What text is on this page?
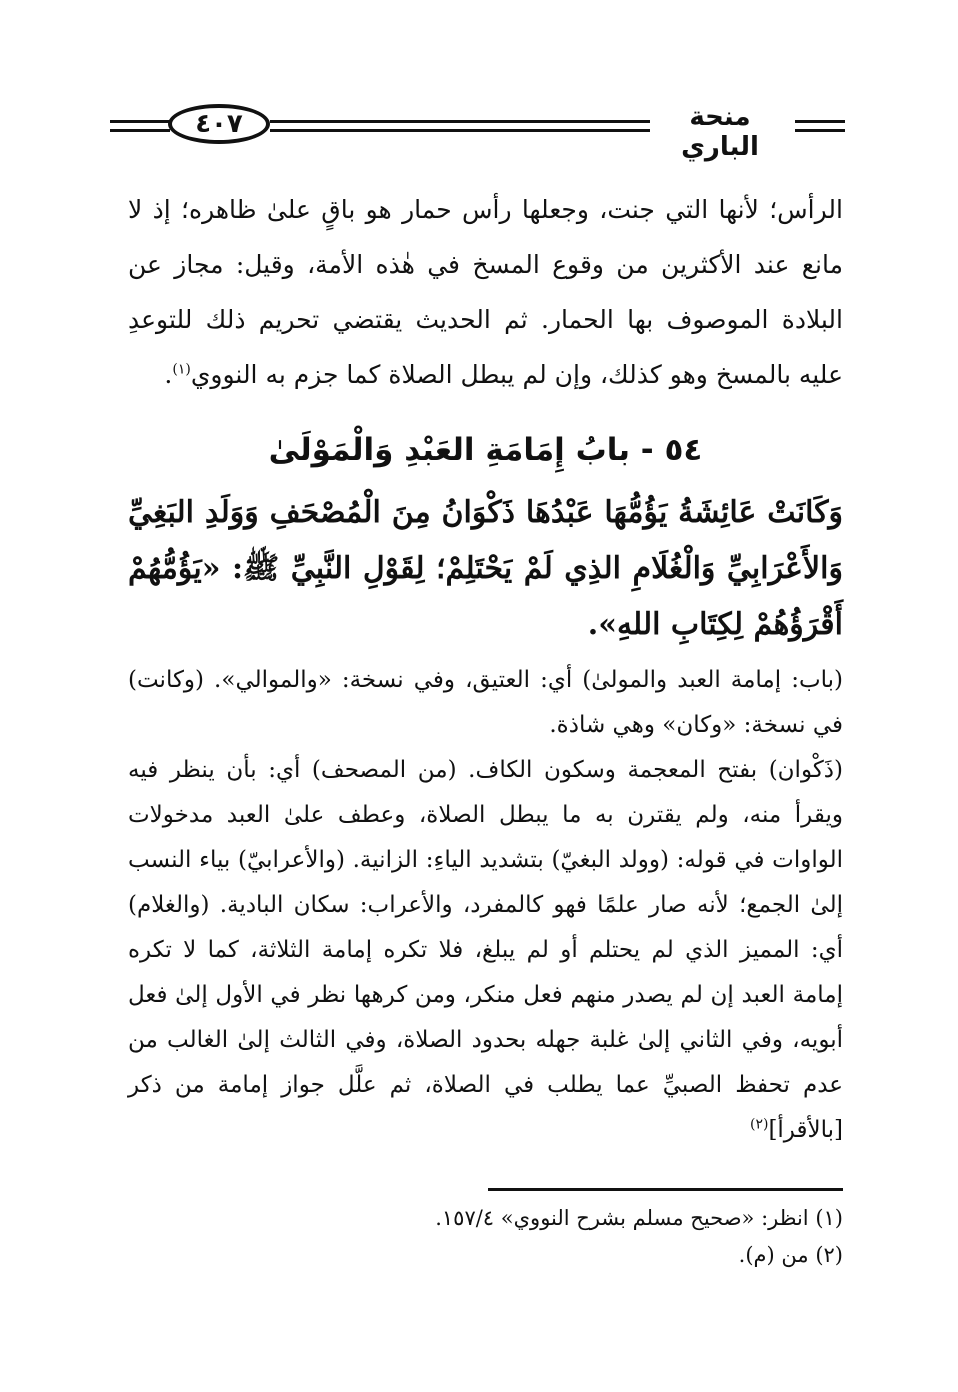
٤٠٧	منحة الباري
الرأس؛ لأنها التي جنت، وجعلها رأس حمار هو باقٍ علىٰ ظاهره؛ إذ لا مانع عند الأكثرين من وقوع المسخ في هٰذه الأمة، وقيل: مجاز عن البلادة الموصوف بها الحمار. ثم الحديث يقتضي تحريم ذلك للتوعدِ عليه بالمسخ وهو كذلك، وإن لم يبطل الصلاة كما جزم به النووي$^{(١)}$.
٥٤ - بابُ إِمَامَةِ العَبْدِ وَالْمَوْلَىٰ
وَكَانَتْ عَائِشَةُ يَؤُمُّهَا عَبْدُهَا ذَكْوَانُ مِنَ الْمُصْحَفِ وَوَلَدِ البَغِيِّ وَالأَعْرَابِيِّ وَالْغُلَامِ الذِي لَمْ يَحْتَلِمْ؛ لِقَوْلِ النَّبِيِّ ﷺ: «يَؤُمُّهُمْ أَقْرَؤُهُمْ لِكِتَابِ اللهِ».
(باب: إمامة العبد والمولىٰ) أي: العتيق، وفي نسخة: «والموالي». (وكانت) في نسخة: «وكان» وهي شاذة.
(ذَكْوان) بفتح المعجمة وسكون الكاف. (من المصحف) أي: بأن ينظر فيه ويقرأ منه، ولم يقترن به ما يبطل الصلاة، وعطف علىٰ العبد مدخولات الواوات في قوله: (وولد البغيّ) بتشديد الياءِ: الزانية. (والأعرابيّ) بياء النسب إلىٰ الجمع؛ لأنه صار علمًا فهو كالمفرد، والأعراب: سكان البادية. (والغلام) أي: المميز الذي لم يحتلم أو لم يبلغ، فلا تكره إمامة الثلاثة، كما لا تكره إمامة العبد إن لم يصدر منهم فعل منكر، ومن كرهها نظر في الأول إلىٰ فعل أبويه، وفي الثاني إلىٰ غلبة جهله بحدود الصلاة، وفي الثالث إلىٰ الغالب من عدم تحفظ الصبيِّ عما يطلب في الصلاة، ثم علَّل جواز إمامة من ذكر [بالأقرأ]$^{(٢)}$
(١) انظر: «صحيح مسلم بشرح النووي» ١٥٧/٤.
(٢) من (م).
